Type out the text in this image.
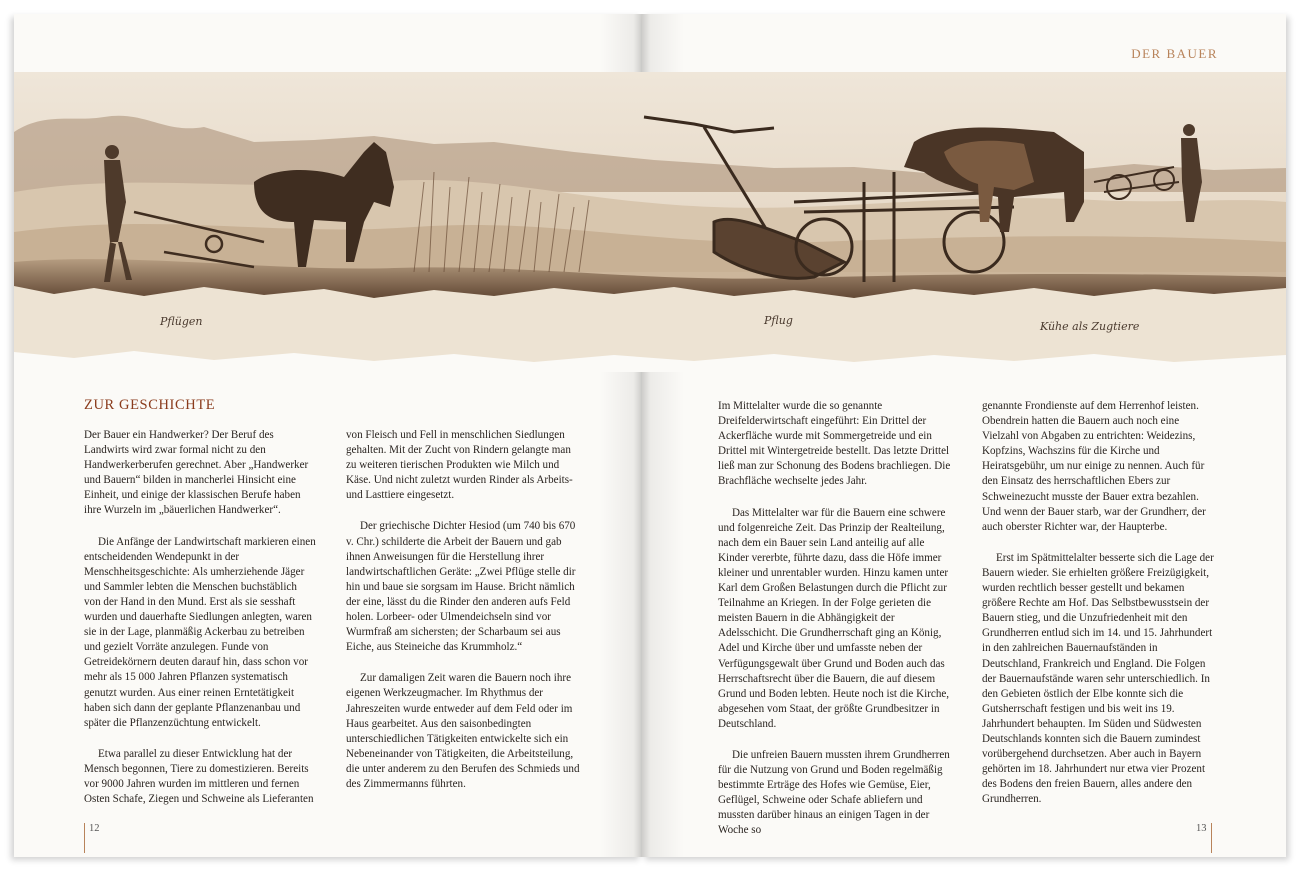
DER BAUER
Pflügen	Pflug	Kühe als Zugtiere
ZUR GESCHICHTE

Der Bauer ein Handwerker? Der Beruf des Landwirts wird zwar formal nicht zu den Handwerkerberufen gerechnet. Aber „Handwerker und Bauern“ bilden in mancherlei Hinsicht eine Einheit, und einige der klassischen Berufe haben ihre Wurzeln im „bäuerlichen Handwerker“.

Die Anfänge der Landwirtschaft markieren einen entscheidenden Wendepunkt in der Menschheitsgeschichte: Als umherziehende Jäger und Sammler lebten die Menschen buchstäblich von der Hand in den Mund. Erst als sie sesshaft wurden und dauerhafte Siedlungen anlegten, waren sie in der Lage, planmäßig Ackerbau zu betreiben und gezielt Vorräte anzulegen. Funde von Getreidekörnern deuten darauf hin, dass schon vor mehr als 15 000 Jahren Pflanzen systematisch genutzt wurden. Aus einer reinen Erntetätigkeit haben sich dann der geplante Pflanzenanbau und später die Pflanzenzüchtung entwickelt.

Etwa parallel zu dieser Entwicklung hat der Mensch begonnen, Tiere zu domestizieren. Bereits vor 9000 Jahren wurden im mittleren und fernen Osten Schafe, Ziegen und Schweine als Lieferanten

von Fleisch und Fell in menschlichen Siedlungen gehalten. Mit der Zucht von Rindern gelangte man zu weiteren tierischen Produkten wie Milch und Käse. Und nicht zuletzt wurden Rinder als Arbeits- und Lasttiere eingesetzt.

Der griechische Dichter Hesiod (um 740 bis 670 v. Chr.) schilderte die Arbeit der Bauern und gab ihnen Anweisungen für die Herstellung ihrer landwirtschaftlichen Geräte: „Zwei Pflüge stelle dir hin und baue sie sorgsam im Hause. Bricht nämlich der eine, lässt du die Rinder den anderen aufs Feld holen. Lorbeer- oder Ulmendeichseln sind vor Wurmfraß am sichersten; der Scharbaum sei aus Eiche, aus Steineiche das Krummholz.“

Zur damaligen Zeit waren die Bauern noch ihre eigenen Werkzeugmacher. Im Rhythmus der Jahreszeiten wurde entweder auf dem Feld oder im Haus gearbeitet. Aus den saisonbedingten unterschiedlichen Tätigkeiten entwickelte sich ein Nebeneinander von Tätigkeiten, die Arbeitsteilung, die unter anderem zu den Berufen des Schmieds und des Zimmermanns führten.

Im Mittelalter wurde die so genannte Dreifelderwirtschaft eingeführt: Ein Drittel der Ackerfläche wurde mit Sommergetreide und ein Drittel mit Wintergetreide bestellt. Das letzte Drittel ließ man zur Schonung des Bodens brachliegen. Die Brachfläche wechselte jedes Jahr.

Das Mittelalter war für die Bauern eine schwere und folgenreiche Zeit. Das Prinzip der Realteilung, nach dem ein Bauer sein Land anteilig auf alle Kinder vererbte, führte dazu, dass die Höfe immer kleiner und unrentabler wurden. Hinzu kamen unter Karl dem Großen Belastungen durch die Pflicht zur Teilnahme an Kriegen. In der Folge gerieten die meisten Bauern in die Abhängigkeit der Adelsschicht. Die Grundherrschaft ging an König, Adel und Kirche über und umfasste neben der Verfügungsgewalt über Grund und Boden auch das Herrschaftsrecht über die Bauern, die auf diesem Grund und Boden lebten. Heute noch ist die Kirche, abgesehen vom Staat, der größte Grundbesitzer in Deutschland.

Die unfreien Bauern mussten ihrem Grundherren für die Nutzung von Grund und Boden regelmäßig bestimmte Erträge des Hofes wie Gemüse, Eier, Geflügel, Schweine oder Schafe abliefern und mussten darüber hinaus an einigen Tagen in der Woche so

genannte Frondienste auf dem Herrenhof leisten. Obendrein hatten die Bauern auch noch eine Vielzahl von Abgaben zu entrichten: Weidezins, Kopfzins, Wachszins für die Kirche und Heiratsgebühr, um nur einige zu nennen. Auch für den Einsatz des herrschaftlichen Ebers zur Schweinezucht musste der Bauer extra bezahlen. Und wenn der Bauer starb, war der Grundherr, der auch oberster Richter war, der Haupterbe.

Erst im Spätmittelalter besserte sich die Lage der Bauern wieder. Sie erhielten größere Freizügigkeit, wurden rechtlich besser gestellt und bekamen größere Rechte am Hof. Das Selbstbewusstsein der Bauern stieg, und die Unzufriedenheit mit den Grundherren entlud sich im 14. und 15. Jahrhundert in den zahlreichen Bauernaufständen in Deutschland, Frankreich und England. Die Folgen der Bauernaufstände waren sehr unterschiedlich. In den Gebieten östlich der Elbe konnte sich die Gutsherrschaft festigen und bis weit ins 19. Jahrhundert behaupten. Im Süden und Südwesten Deutschlands konnten sich die Bauern zumindest vorübergehend durchsetzen. Aber auch in Bayern gehörten im 18. Jahrhundert nur etwa vier Prozent des Bodens den freien Bauern, alles andere den Grundherren.

12	13
